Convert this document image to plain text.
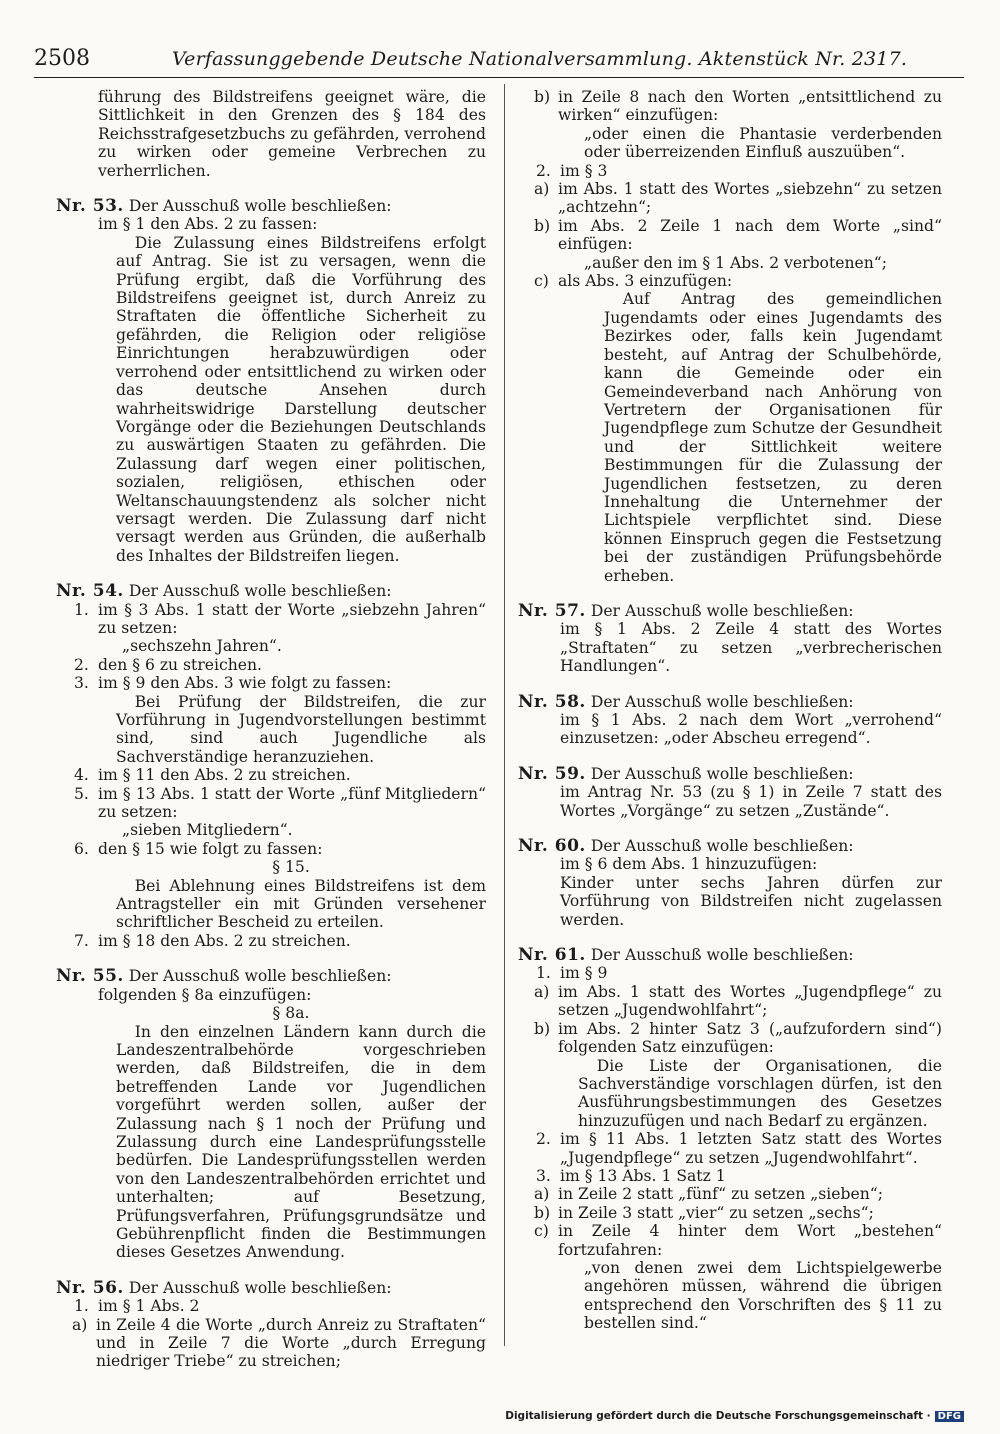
2508	Verfassunggebende Deutsche Nationalversammlung. Aktenstück Nr. 2317.
führung des Bildstreifens geeignet wäre, die Sittlichkeit in den Grenzen des § 184 des Reichsstrafgesetzbuchs zu gefährden, verrohend zu wirken oder gemeine Verbrechen zu verherrlichen.
Nr. 53. Der Ausschuß wolle beschließen:
im § 1 den Abs. 2 zu fassen:
Die Zulassung eines Bildstreifens erfolgt auf Antrag. Sie ist zu versagen, wenn die Prüfung ergibt, daß die Vorführung des Bildstreifens geeignet ist, durch Anreiz zu Straftaten die öffentliche Sicherheit zu gefährden, die Religion oder religiöse Einrichtungen herabzuwürdigen oder verrohend oder entsittlichend zu wirken oder das deutsche Ansehen durch wahrheitswidrige Darstellung deutscher Vorgänge oder die Beziehungen Deutschlands zu auswärtigen Staaten zu gefährden. Die Zulassung darf wegen einer politischen, sozialen, religiösen, ethischen oder Weltanschauungstendenz als solcher nicht versagt werden. Die Zulassung darf nicht versagt werden aus Gründen, die außerhalb des Inhaltes der Bildstreifen liegen.
Nr. 54. Der Ausschuß wolle beschließen:
1. im § 3 Abs. 1 statt der Worte „siebzehn Jahren“ zu setzen:
„sechszehn Jahren“.
2. den § 6 zu streichen.
3. im § 9 den Abs. 3 wie folgt zu fassen:
Bei Prüfung der Bildstreifen, die zur Vorführung in Jugendvorstellungen bestimmt sind, sind auch Jugendliche als Sachverständige heranzuziehen.
4. im § 11 den Abs. 2 zu streichen.
5. im § 13 Abs. 1 statt der Worte „fünf Mitgliedern“ zu setzen:
„sieben Mitgliedern“.
6. den § 15 wie folgt zu fassen:
§ 15.
Bei Ablehnung eines Bildstreifens ist dem Antragsteller ein mit Gründen versehener schriftlicher Bescheid zu erteilen.
7. im § 18 den Abs. 2 zu streichen.
Nr. 55. Der Ausschuß wolle beschließen:
folgenden § 8a einzufügen:
§ 8a.
In den einzelnen Ländern kann durch die Landeszentralbehörde vorgeschrieben werden, daß Bildstreifen, die in dem betreffenden Lande vor Jugendlichen vorgeführt werden sollen, außer der Zulassung nach § 1 noch der Prüfung und Zulassung durch eine Landesprüfungsstelle bedürfen. Die Landesprüfungsstellen werden von den Landeszentralbehörden errichtet und unterhalten; auf Besetzung, Prüfungsverfahren, Prüfungsgrundsätze und Gebührenpflicht finden die Bestimmungen dieses Gesetzes Anwendung.
Nr. 56. Der Ausschuß wolle beschließen:
1. im § 1 Abs. 2
a) in Zeile 4 die Worte „durch Anreiz zu Straftaten“ und in Zeile 7 die Worte „durch Erregung niedriger Triebe“ zu streichen;
b) in Zeile 8 nach den Worten „entsittlichend zu wirken“ einzufügen:
„oder einen die Phantasie verderbenden oder überreizenden Einfluß auszuüben“.
2. im § 3
a) im Abs. 1 statt des Wortes „siebzehn“ zu setzen „achtzehn“;
b) im Abs. 2 Zeile 1 nach dem Worte „sind“ einfügen:
„außer den im § 1 Abs. 2 verbotenen“;
c) als Abs. 3 einzufügen:
Auf Antrag des gemeindlichen Jugendamts oder eines Jugendamts des Bezirkes oder, falls kein Jugendamt besteht, auf Antrag der Schulbehörde, kann die Gemeinde oder ein Gemeindeverband nach Anhörung von Vertretern der Organisationen für Jugendpflege zum Schutze der Gesundheit und der Sittlichkeit weitere Bestimmungen für die Zulassung der Jugendlichen festsetzen, zu deren Innehaltung die Unternehmer der Lichtspiele verpflichtet sind. Diese können Einspruch gegen die Festsetzung bei der zuständigen Prüfungsbehörde erheben.
Nr. 57. Der Ausschuß wolle beschließen:
im § 1 Abs. 2 Zeile 4 statt des Wortes „Straftaten“ zu setzen „verbrecherischen Handlungen“.
Nr. 58. Der Ausschuß wolle beschließen:
im § 1 Abs. 2 nach dem Wort „verrohend“ einzusetzen: „oder Abscheu erregend“.
Nr. 59. Der Ausschuß wolle beschließen:
im Antrag Nr. 53 (zu § 1) in Zeile 7 statt des Wortes „Vorgänge“ zu setzen „Zustände“.
Nr. 60. Der Ausschuß wolle beschließen:
im § 6 dem Abs. 1 hinzuzufügen:
Kinder unter sechs Jahren dürfen zur Vorführung von Bildstreifen nicht zugelassen werden.
Nr. 61. Der Ausschuß wolle beschließen:
1. im § 9
a) im Abs. 1 statt des Wortes „Jugendpflege“ zu setzen „Jugendwohlfahrt“;
b) im Abs. 2 hinter Satz 3 („aufzufordern sind“) folgenden Satz einzufügen:
Die Liste der Organisationen, die Sachverständige vorschlagen dürfen, ist den Ausführungsbestimmungen des Gesetzes hinzuzufügen und nach Bedarf zu ergänzen.
2. im § 11 Abs. 1 letzten Satz statt des Wortes „Jugendpflege“ zu setzen „Jugendwohlfahrt“.
3. im § 13 Abs. 1 Satz 1
a) in Zeile 2 statt „fünf“ zu setzen „sieben“;
b) in Zeile 3 statt „vier“ zu setzen „sechs“;
c) in Zeile 4 hinter dem Wort „bestehen“ fortzufahren:
„von denen zwei dem Lichtspielgewerbe angehören müssen, während die übrigen entsprechend den Vorschriften des § 11 zu bestellen sind.“
Digitalisierung gefördert durch die Deutsche Forschungsgemeinschaft · DFG
